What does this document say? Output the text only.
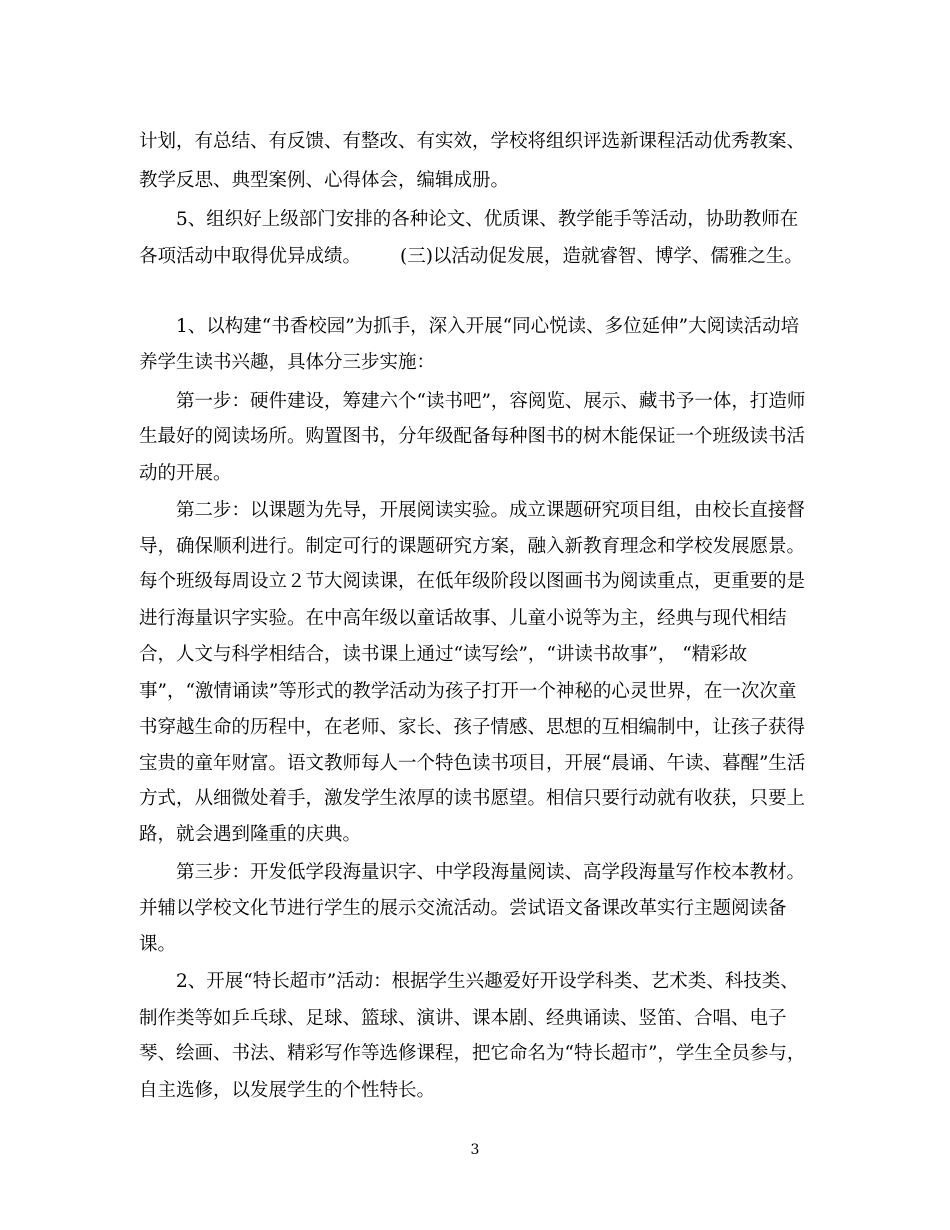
计划，有总结、有反馈、有整改、有实效，学校将组织评选新课程活动优秀教案、
教学反思、典型案例、心得体会，编辑成册。
5、组织好上级部门安排的各种论文、优质课、教学能手等活动，协助教师在
各项活动中取得优异成绩。 (三)以活动促发展，造就睿智、博学、儒雅之生。
1、以构建“书香校园”为抓手，深入开展“同心悦读、多位延伸”大阅读活动培
养学生读书兴趣，具体分三步实施：
第一步：硬件建设，筹建六个“读书吧”，容阅览、展示、藏书予一体，打造师
生最好的阅读场所。购置图书，分年级配备每种图书的树木能保证一个班级读书活
动的开展。
第二步：以课题为先导，开展阅读实验。成立课题研究项目组，由校长直接督
导，确保顺利进行。制定可行的课题研究方案，融入新教育理念和学校发展愿景。
每个班级每周设立２节大阅读课，在低年级阶段以图画书为阅读重点，更重要的是
进行海量识字实验。在中高年级以童话故事、儿童小说等为主，经典与现代相结
合，人文与科学相结合，读书课上通过“读写绘”，“讲读书故事”， “精彩故
事”，“激情诵读”等形式的教学活动为孩子打开一个神秘的心灵世界，在一次次童
书穿越生命的历程中，在老师、家长、孩子情感、思想的互相编制中，让孩子获得
宝贵的童年财富。语文教师每人一个特色读书项目，开展“晨诵、午读、暮醒”生活
方式，从细微处着手，激发学生浓厚的读书愿望。相信只要行动就有收获，只要上
路，就会遇到隆重的庆典。
第三步：开发低学段海量识字、中学段海量阅读、高学段海量写作校本教材。
并辅以学校文化节进行学生的展示交流活动。尝试语文备课改革实行主题阅读备
课。
2、开展“特长超市”活动：根据学生兴趣爱好开设学科类、艺术类、科技类、
制作类等如乒乓球、足球、篮球、演讲、课本剧、经典诵读、竖笛、合唱、电子
琴、绘画、书法、精彩写作等选修课程，把它命名为“特长超市”，学生全员参与，
自主选修，以发展学生的个性特长。
3
